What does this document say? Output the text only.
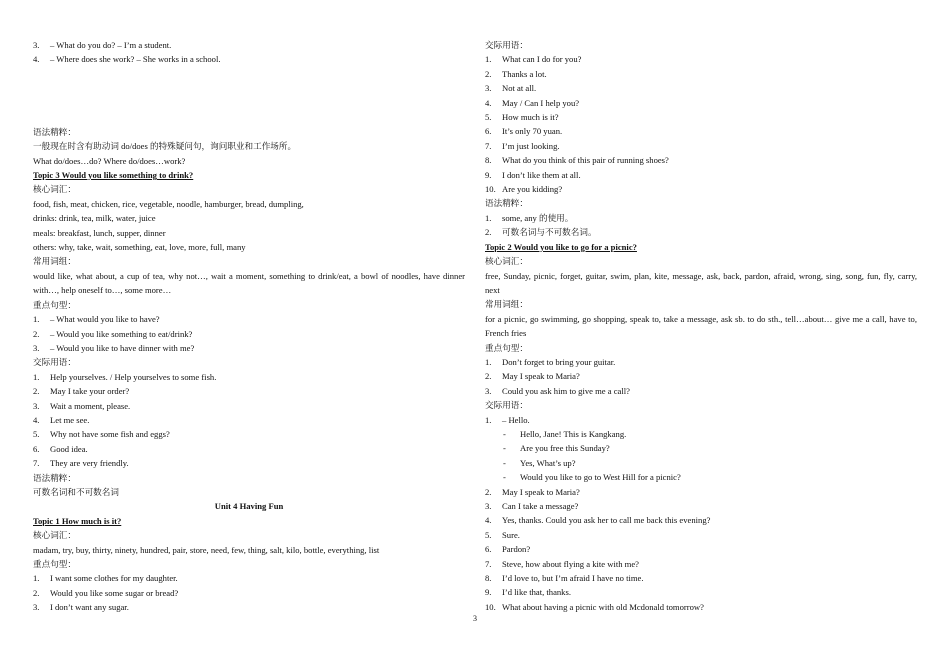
3. – What do you do? – I’m a student.

4. – Where does she work? – She works in a school.

语法精粹：

一般现在时含有助动词 do/does 的特殊疑问句，询问职业和工作场所。

What do/does…do? Where do/does…work?

Topic 3 Would you like something to drink?

核心词汇：

food, fish, meat, chicken, rice, vegetable, noodle, hamburger, bread, dumpling,

drinks: drink, tea, milk, water, juice

meals: breakfast, lunch, supper, dinner

others: why, take, wait, something, eat, love, more, full, many

常用词组：

would like, what about, a cup of tea, why not…, wait a moment, something to drink/eat, a bowl of noodles, have dinner with…, help oneself to…, some more…

重点句型：

1. – What would you like to have?

2. – Would you like something to eat/drink?

3. – Would you like to have dinner with me?

交际用语：

1. Help yourselves. / Help yourselves to some fish.

2. May I take your order?

3. Wait a moment, please.

4. Let me see.

5. Why not have some fish and eggs?

6. Good idea.

7. They are very friendly.

语法精粹：

可数名词和不可数名词

Unit 4 Having Fun

Topic 1 How much is it?

核心词汇：

madam, try, buy, thirty, ninety, hundred, pair, store, need, few, thing, salt, kilo, bottle, everything, list

重点句型：

1. I want some clothes for my daughter.

2. Would you like some sugar or bread?

3. I don’t want any sugar.

交际用语：

1. What can I do for you?

2. Thanks a lot.

3. Not at all.

4. May / Can I help you?

5. How much is it?

6. It’s only 70 yuan.

7. I’m just looking.

8. What do you think of this pair of running shoes?

9. I don’t like them at all.

10. Are you kidding?

语法精粹：

1. some, any 的使用。

2. 可数名词与不可数名词。

Topic 2 Would you like to go for a picnic?

核心词汇：

free, Sunday, picnic, forget, guitar, swim, plan, kite, message, ask, back, pardon, afraid, wrong, sing, song, fun, fly, carry, next

常用词组：

for a picnic, go swimming, go shopping, speak to, take a message, ask sb. to do sth., tell…about… give me a call, have to, French fries

重点句型：

1. Don’t forget to bring your guitar.

2. May I speak to Maria?

3. Could you ask him to give me a call?

交际用语：

1. – Hello.

- Hello, Jane! This is Kangkang.

- Are you free this Sunday?

- Yes, What’s up?

- Would you like to go to West Hill for a picnic?

2. May I speak to Maria?

3. Can I take a message?

4. Yes, thanks. Could you ask her to call me back this evening?

5. Sure.

6. Pardon?

7. Steve, how about flying a kite with me?

8. I’d love to, but I’m afraid I have no time.

9. I’d like that, thanks.

10. What about having a picnic with old Mcdonald tomorrow?

3
